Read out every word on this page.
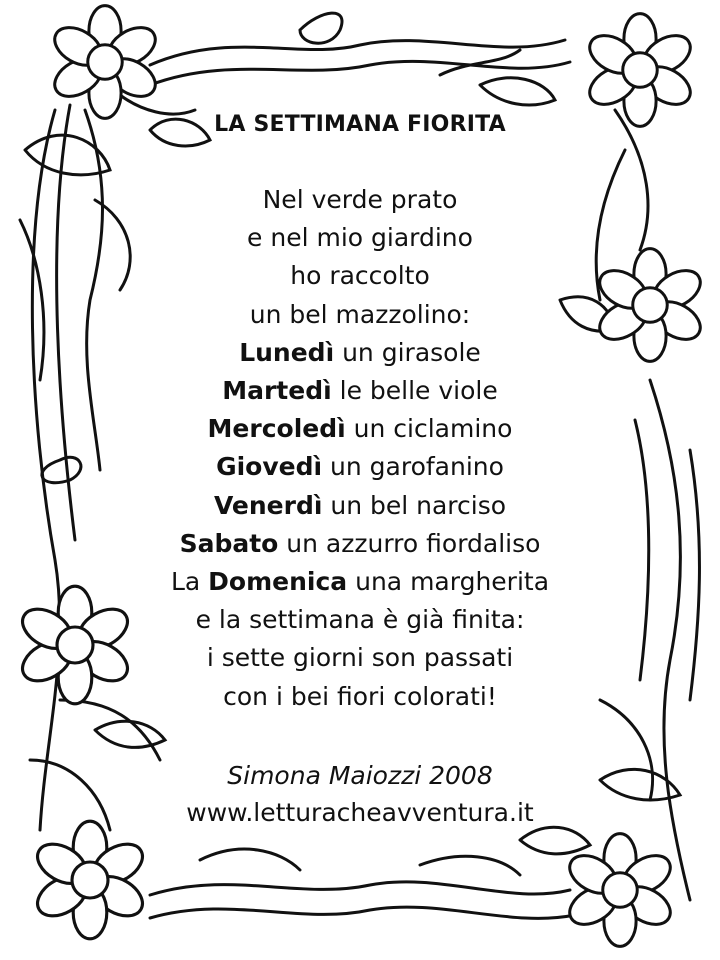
LA SETTIMANA FIORITA
Nel verde prato
e nel mio giardino
ho raccolto
un bel mazzolino:
Lunedì un girasole
Martedì le belle viole
Mercoledì un ciclamino
Giovedì un garofanino
Venerdì un bel narciso
Sabato un azzurro fiordaliso
La Domenica una margherita
e la settimana è già finita:
i sette giorni son passati
con i bei fiori colorati!
Simona Maiozzi 2008
www.letturacheavventura.it
